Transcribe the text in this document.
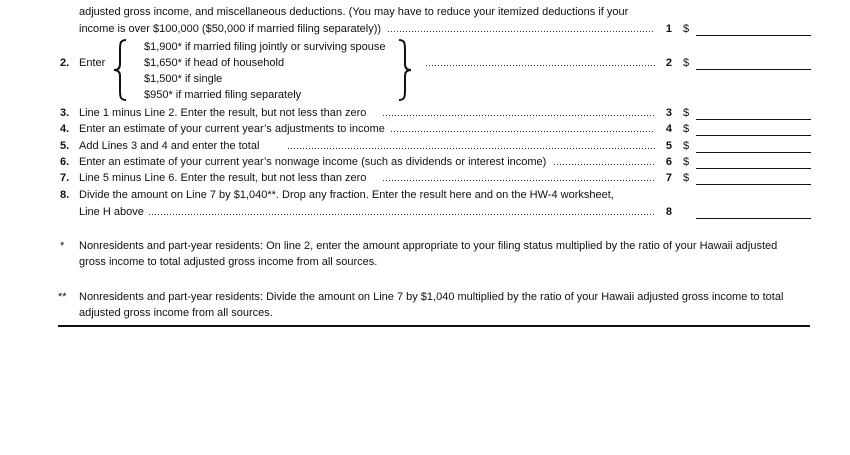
adjusted gross income, and miscellaneous deductions. (You may have to reduce your itemized deductions if your
income is over $100,000 ($50,000 if married filing separately))	1 $
2. Enter
$1,900* if married filing jointly or surviving spouse
$1,650* if head of household
$1,500* if single
$950* if married filing separately
2 $
3. Line 1 minus Line 2. Enter the result, but not less than zero	3 $
4. Enter an estimate of your current year’s adjustments to income	4 $
5. Add Lines 3 and 4 and enter the total	5 $
6. Enter an estimate of your current year’s nonwage income (such as dividends or interest income)	6 $
7. Line 5 minus Line 6. Enter the result, but not less than zero	7 $
8. Divide the amount on Line 7 by $1,040**. Drop any fraction. Enter the result here and on the HW-4 worksheet,
Line H above	8
* Nonresidents and part-year residents: On line 2, enter the amount appropriate to your filing status multiplied by the ratio of your Hawaii adjusted
gross income to total adjusted gross income from all sources.
** Nonresidents and part-year residents: Divide the amount on Line 7 by $1,040 multiplied by the ratio of your Hawaii adjusted gross income to total
adjusted gross income from all sources.
